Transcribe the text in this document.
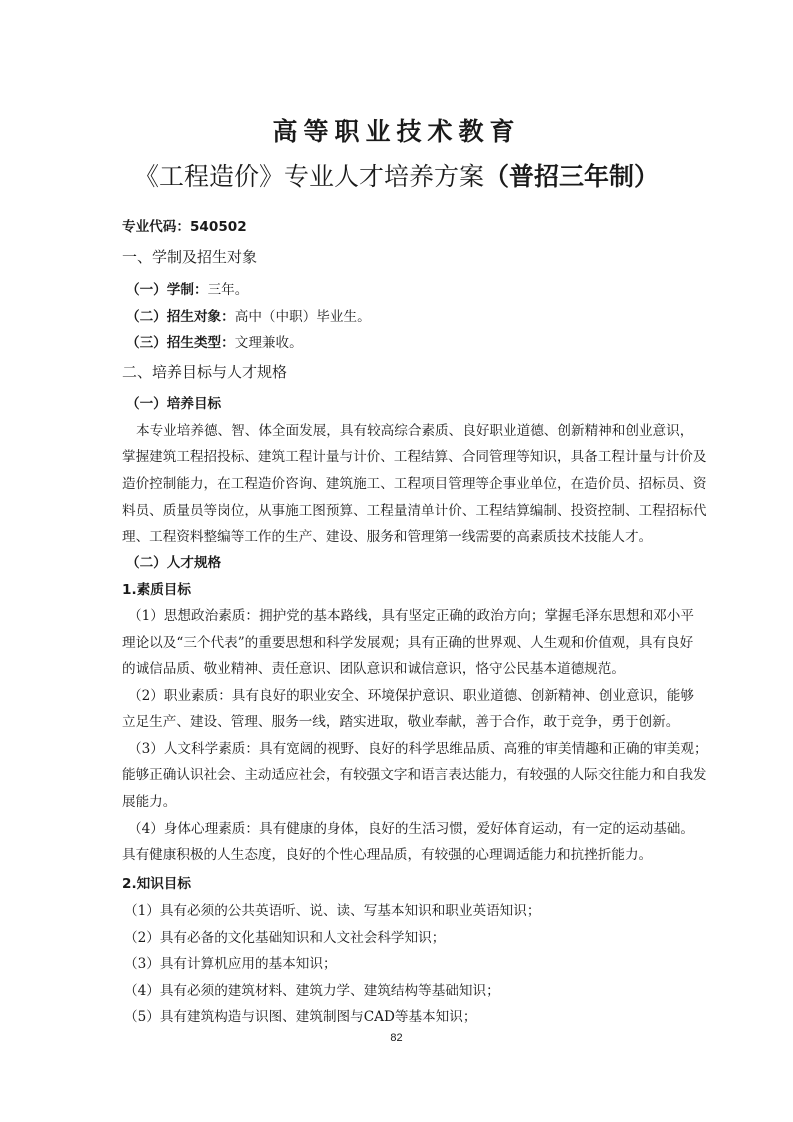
高等职业技术教育
《工程造价》专业人才培养方案（普招三年制）
专业代码：540502
一、学制及招生对象
（一）学制：三年。
（二）招生对象：高中（中职）毕业生。
（三）招生类型：文理兼收。
二、培养目标与人才规格
（一）培养目标
本专业培养德、智、体全面发展，具有较高综合素质、良好职业道德、创新精神和创业意识，
掌握建筑工程招投标、建筑工程计量与计价、工程结算、合同管理等知识，具备工程计量与计价及
造价控制能力，在工程造价咨询、建筑施工、工程项目管理等企事业单位，在造价员、招标员、资
料员、质量员等岗位，从事施工图预算、工程量清单计价、工程结算编制、投资控制、工程招标代
理、工程资料整编等工作的生产、建设、服务和管理第一线需要的高素质技术技能人才。
（二）人才规格
1.素质目标
（1）思想政治素质：拥护党的基本路线，具有坚定正确的政治方向；掌握毛泽东思想和邓小平
理论以及“三个代表”的重要思想和科学发展观；具有正确的世界观、人生观和价值观，具有良好
的诚信品质、敬业精神、责任意识、团队意识和诚信意识，恪守公民基本道德规范。
（2）职业素质：具有良好的职业安全、环境保护意识、职业道德、创新精神、创业意识，能够
立足生产、建设、管理、服务一线，踏实进取，敬业奉献，善于合作，敢于竞争，勇于创新。
（3）人文科学素质：具有宽阔的视野、良好的科学思维品质、高雅的审美情趣和正确的审美观；
能够正确认识社会、主动适应社会，有较强文字和语言表达能力，有较强的人际交往能力和自我发
展能力。
（4）身体心理素质：具有健康的身体，良好的生活习惯，爱好体育运动，有一定的运动基础。
具有健康积极的人生态度，良好的个性心理品质，有较强的心理调适能力和抗挫折能力。
2.知识目标
（1）具有必须的公共英语听、说、读、写基本知识和职业英语知识；
（2）具有必备的文化基础知识和人文社会科学知识；
（3）具有计算机应用的基本知识；
（4）具有必须的建筑材料、建筑力学、建筑结构等基础知识；
（5）具有建筑构造与识图、建筑制图与CAD等基本知识；
82
